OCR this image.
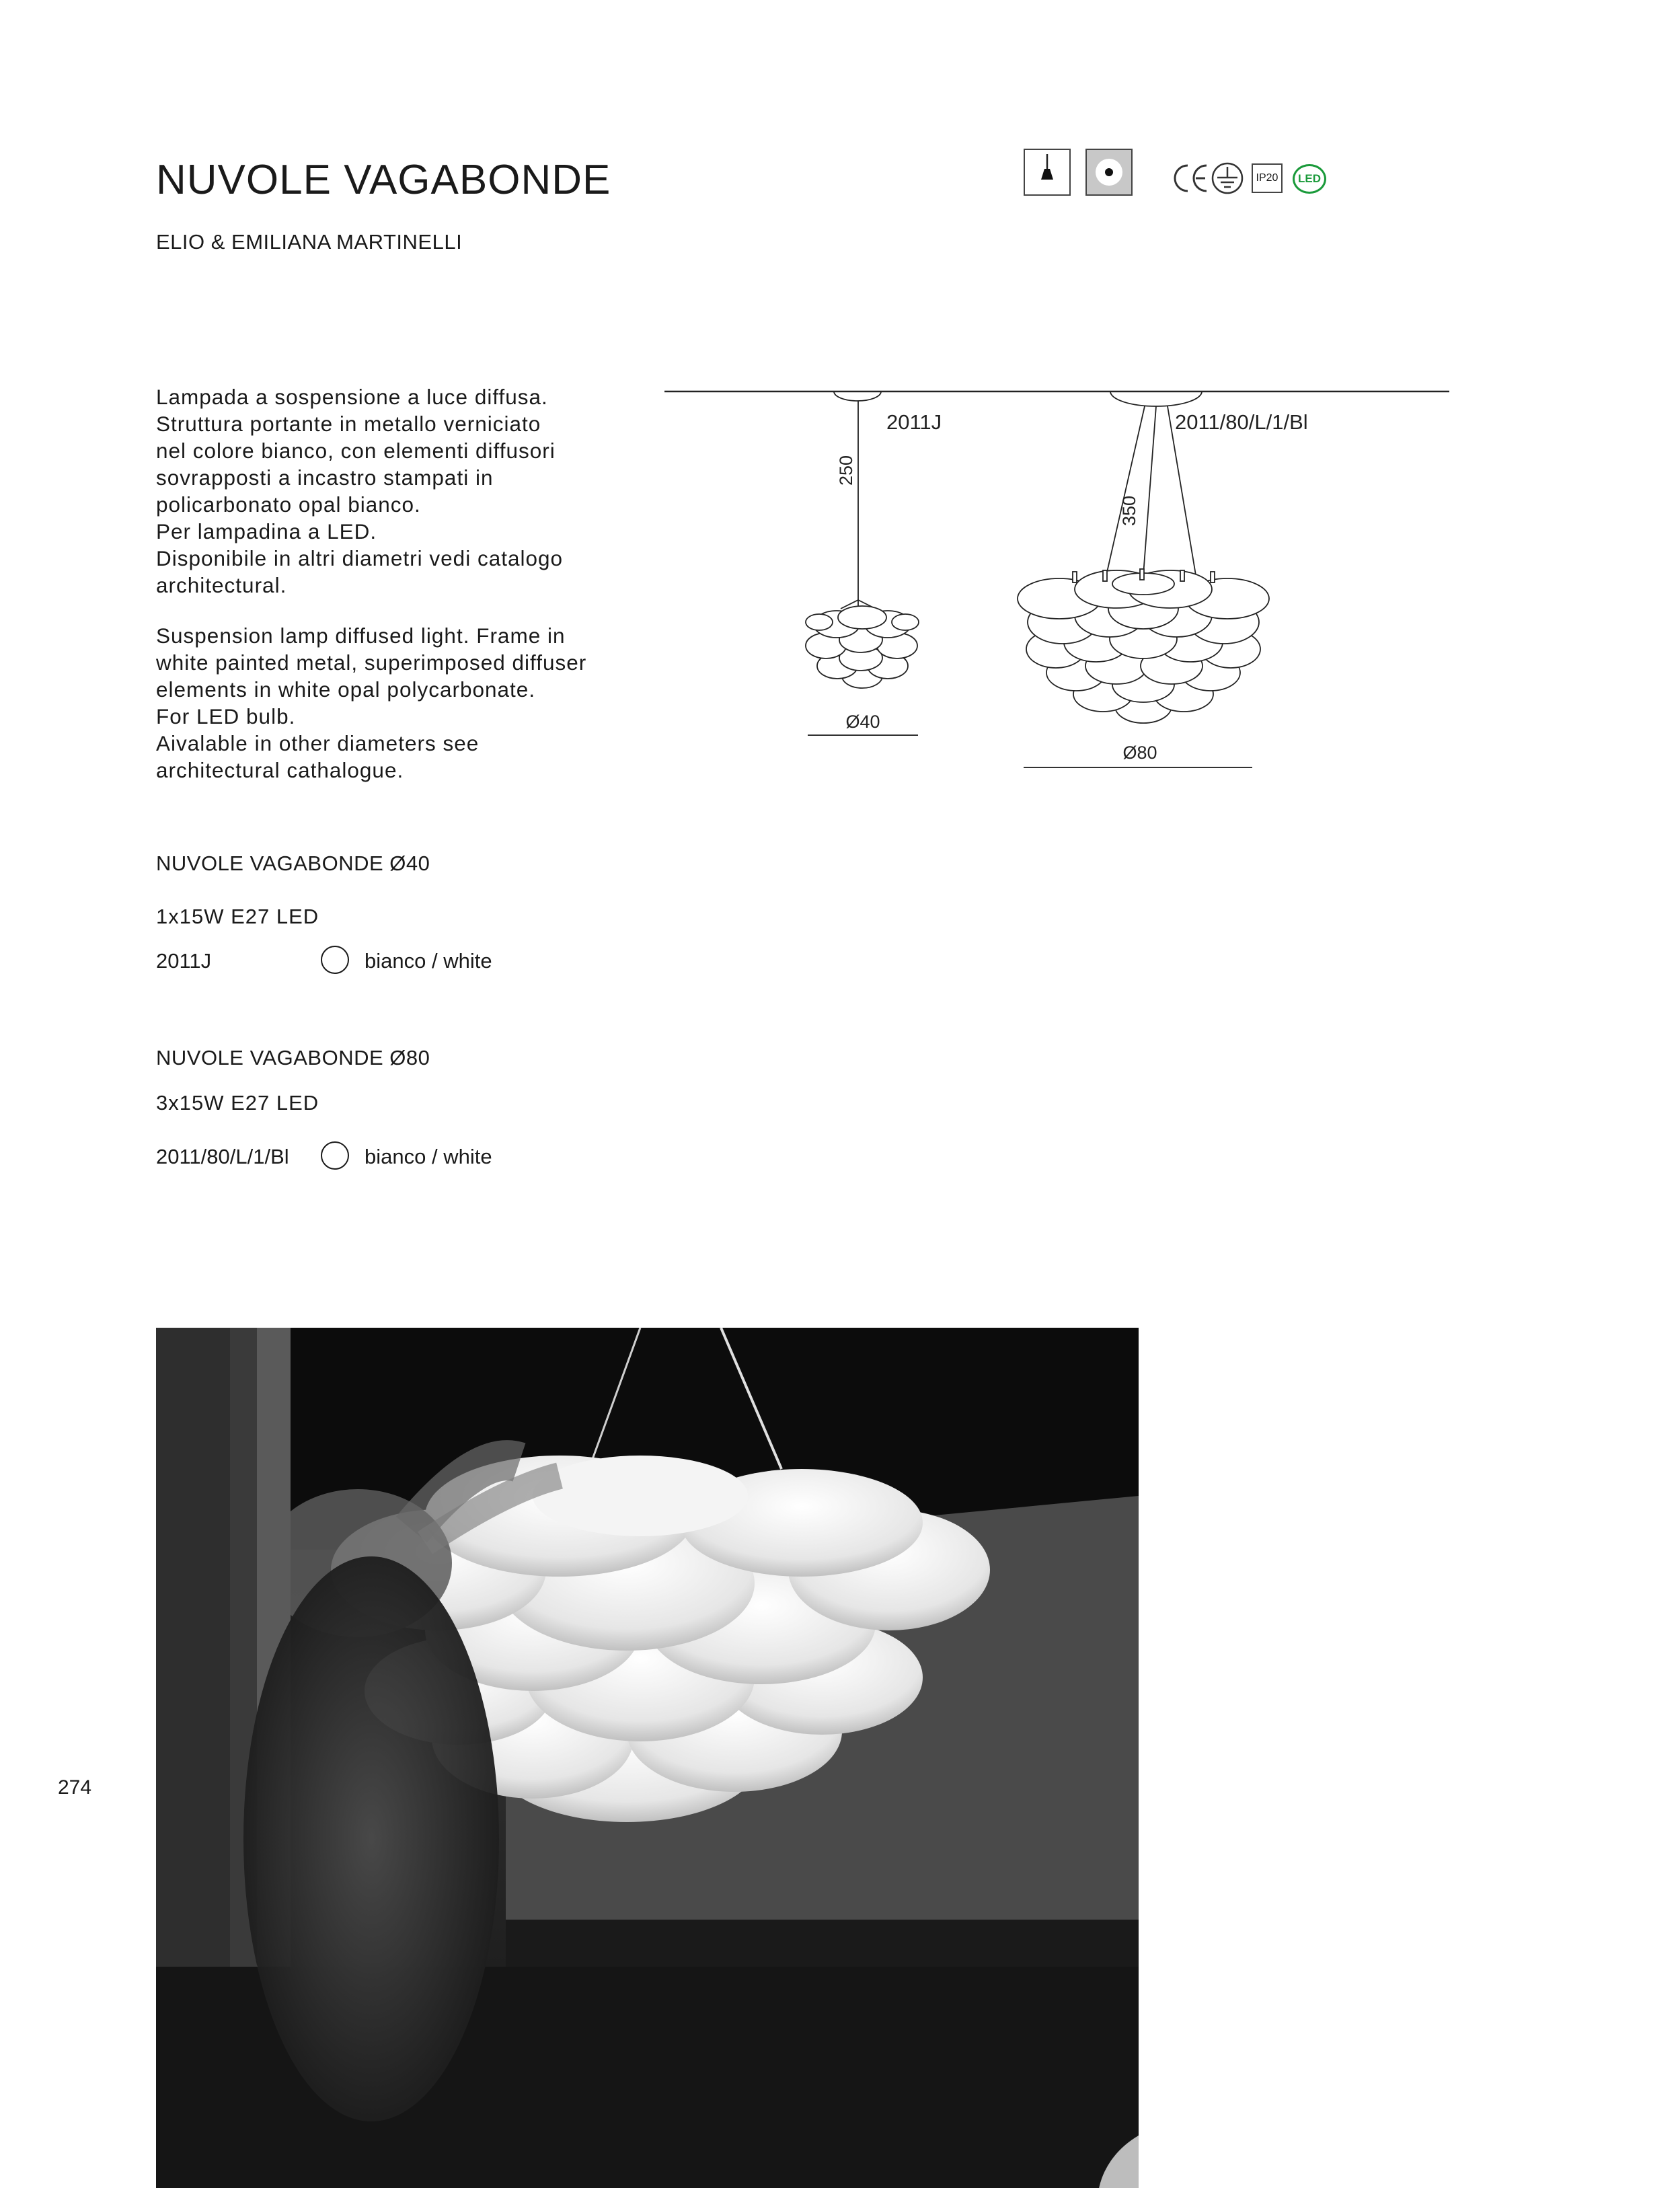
NUVOLE VAGABONDE
ELIO & EMILIANA MARTINELLI
IP20	LED
Lampada a sospensione a luce diffusa.
Struttura portante in metallo verniciato
nel colore bianco, con elementi diffusori
sovrapposti a incastro stampati in
policarbonato opal bianco.
Per lampadina a LED.
Disponibile in altri diametri vedi catalogo
architectural.
Suspension lamp diffused light. Frame in
white painted metal, superimposed diffuser
elements in white opal polycarbonate.
For LED bulb.
Aivalable in other diameters see
architectural cathalogue.
250
2011J
Ø40
350
2011/80/L/1/Bl
Ø80
NUVOLE VAGABONDE Ø40
1x15W E27 LED
2011J	bianco / white
NUVOLE VAGABONDE Ø80
3x15W E27 LED
2011/80/L/1/Bl	bianco / white
274
